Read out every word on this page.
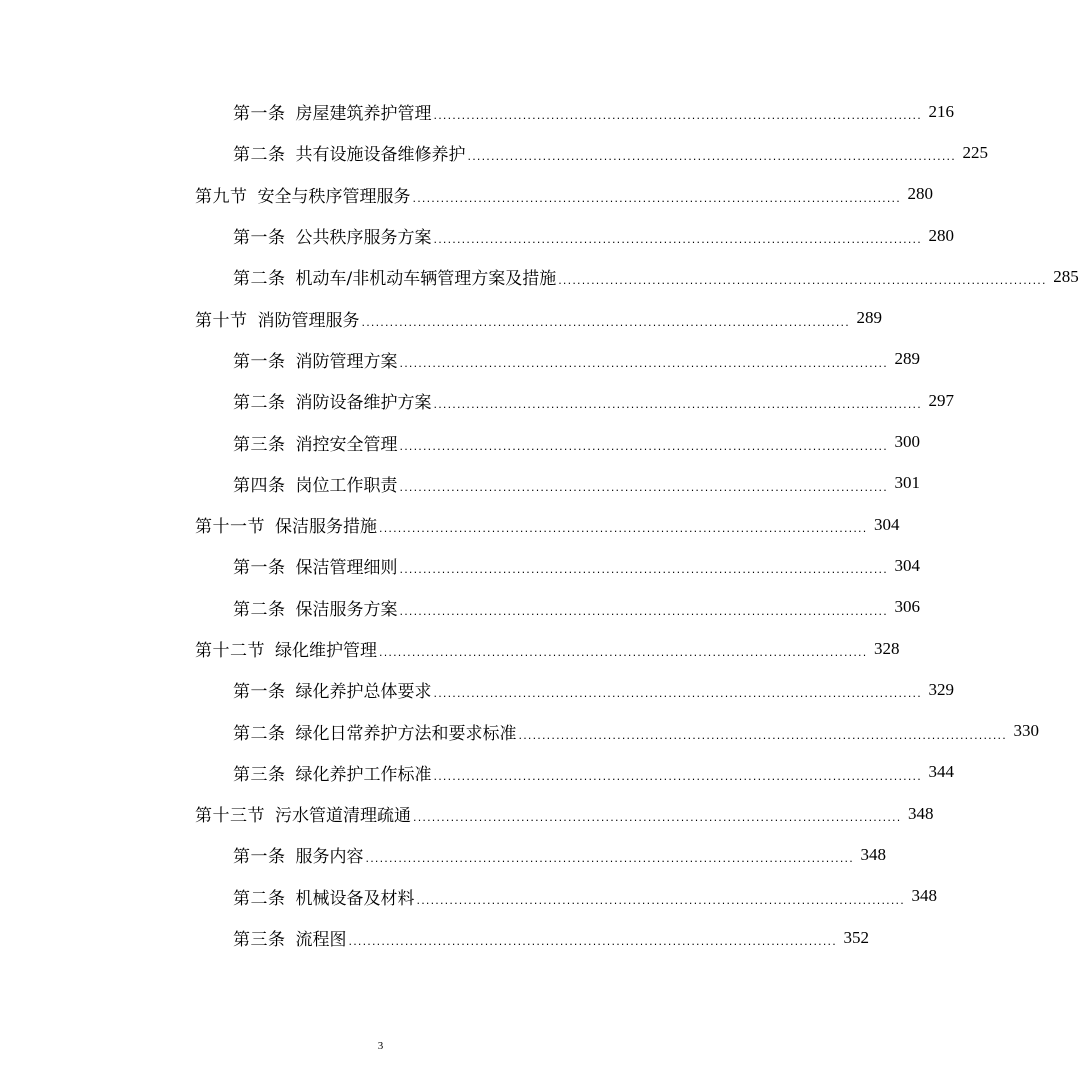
第一条 房屋建筑养护管理 ........................................................................................................ 216
第二条 共有设施设备维修养护 ........................................................................................................ 225
第九节 安全与秩序管理服务 ........................................................................................................ 280
第一条 公共秩序服务方案 ........................................................................................................ 280
第二条 机动车/非机动车辆管理方案及措施 ........................................................................................................ 285
第十节 消防管理服务 ........................................................................................................ 289
第一条 消防管理方案 ........................................................................................................ 289
第二条 消防设备维护方案 ........................................................................................................ 297
第三条 消控安全管理 ........................................................................................................ 300
第四条 岗位工作职责 ........................................................................................................ 301
第十一节 保洁服务措施 ........................................................................................................ 304
第一条 保洁管理细则 ........................................................................................................ 304
第二条 保洁服务方案 ........................................................................................................ 306
第十二节 绿化维护管理 ........................................................................................................ 328
第一条 绿化养护总体要求 ........................................................................................................ 329
第二条 绿化日常养护方法和要求标准 ........................................................................................................ 330
第三条 绿化养护工作标准 ........................................................................................................ 344
第十三节 污水管道清理疏通 ........................................................................................................ 348
第一条 服务内容 ........................................................................................................ 348
第二条 机械设备及材料 ........................................................................................................ 348
第三条 流程图 ........................................................................................................ 352
3
